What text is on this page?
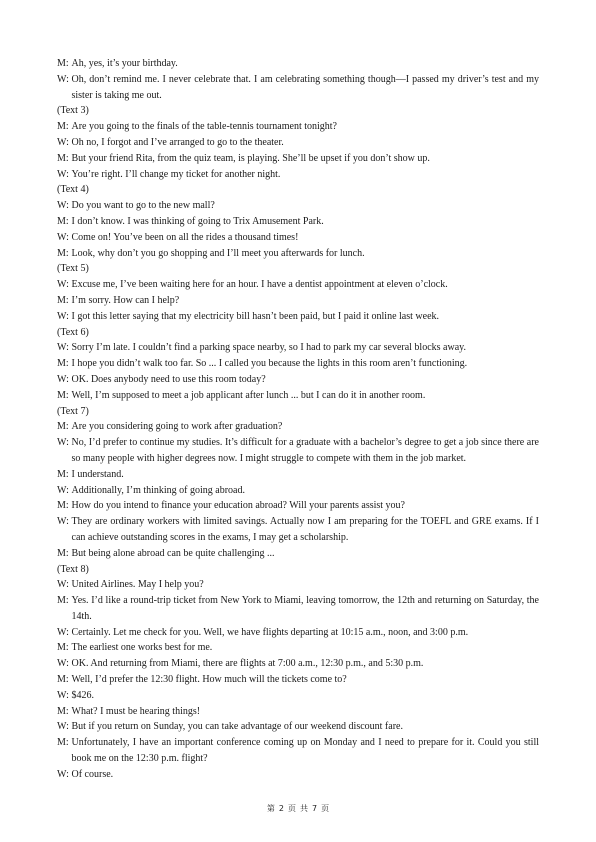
M: Ah, yes, it’s your birthday.
W: Oh, don’t remind me. I never celebrate that. I am celebrating something though—I passed my driver’s test and my sister is taking me out.
(Text 3)
M: Are you going to the finals of the table-tennis tournament tonight?
W: Oh no, I forgot and I’ve arranged to go to the theater.
M: But your friend Rita, from the quiz team, is playing. She’ll be upset if you don’t show up.
W: You’re right. I’ll change my ticket for another night.
(Text 4)
W: Do you want to go to the new mall?
M: I don’t know. I was thinking of going to Trix Amusement Park.
W: Come on! You’ve been on all the rides a thousand times!
M: Look, why don’t you go shopping and I’ll meet you afterwards for lunch.
(Text 5)
W: Excuse me, I’ve been waiting here for an hour. I have a dentist appointment at eleven o’clock.
M: I’m sorry. How can I help?
W: I got this letter saying that my electricity bill hasn’t been paid, but I paid it online last week.
(Text 6)
W: Sorry I’m late. I couldn’t find a parking space nearby, so I had to park my car several blocks away.
M: I hope you didn’t walk too far. So ... I called you because the lights in this room aren’t functioning.
W: OK. Does anybody need to use this room today?
M: Well, I’m supposed to meet a job applicant after lunch ... but I can do it in another room.
(Text 7)
M: Are you considering going to work after graduation?
W: No, I’d prefer to continue my studies. It’s difficult for a graduate with a bachelor’s degree to get a job since there are so many people with higher degrees now. I might struggle to compete with them in the job market.
M: I understand.
W: Additionally, I’m thinking of going abroad.
M: How do you intend to finance your education abroad? Will your parents assist you?
W: They are ordinary workers with limited savings. Actually now I am preparing for the TOEFL and GRE exams. If I can achieve outstanding scores in the exams, I may get a scholarship.
M: But being alone abroad can be quite challenging ...
(Text 8)
W: United Airlines. May I help you?
M: Yes. I’d like a round-trip ticket from New York to Miami, leaving tomorrow, the 12th and returning on Saturday, the 14th.
W: Certainly. Let me check for you. Well, we have flights departing at 10:15 a.m., noon, and 3:00 p.m.
M: The earliest one works best for me.
W: OK. And returning from Miami, there are flights at 7:00 a.m., 12:30 p.m., and 5:30 p.m.
M: Well, I’d prefer the 12:30 flight. How much will the tickets come to?
W: $426.
M: What? I must be hearing things!
W: But if you return on Sunday, you can take advantage of our weekend discount fare.
M: Unfortunately, I have an important conference coming up on Monday and I need to prepare for it. Could you still book me on the 12:30 p.m. flight?
W: Of course.
第 2 页 共 7 页
